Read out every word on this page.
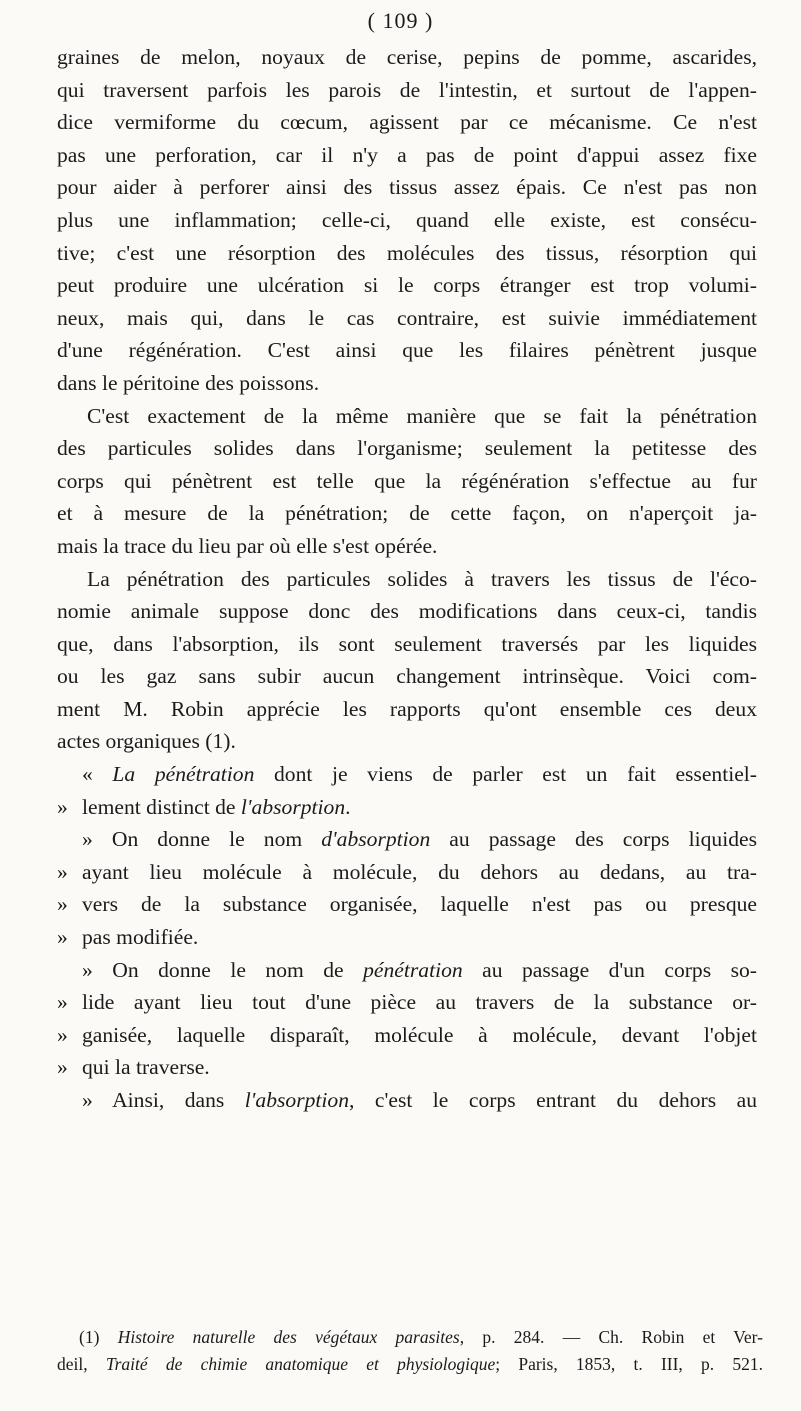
( 109 )
graines de melon, noyaux de cerise, pepins de pomme, ascarides,
qui traversent parfois les parois de l'intestin, et surtout de l'appen-
dice vermiforme du cœcum, agissent par ce mécanisme. Ce n'est
pas une perforation, car il n'y a pas de point d'appui assez fixe
pour aider à perforer ainsi des tissus assez épais. Ce n'est pas non
plus une inflammation; celle-ci, quand elle existe, est consécu-
tive; c'est une résorption des molécules des tissus, résorption qui
peut produire une ulcération si le corps étranger est trop volumi-
neux, mais qui, dans le cas contraire, est suivie immédiatement
d'une régénération. C'est ainsi que les filaires pénètrent jusque
dans le péritoine des poissons.
C'est exactement de la même manière que se fait la pénétration
des particules solides dans l'organisme; seulement la petitesse des
corps qui pénètrent est telle que la régénération s'effectue au fur
et à mesure de la pénétration; de cette façon, on n'aperçoit ja-
mais la trace du lieu par où elle s'est opérée.
La pénétration des particules solides à travers les tissus de l'éco-
nomie animale suppose donc des modifications dans ceux-ci, tandis
que, dans l'absorption, ils sont seulement traversés par les liquides
ou les gaz sans subir aucun changement intrinsèque. Voici com-
ment M. Robin apprécie les rapports qu'ont ensemble ces deux
actes organiques (1).
« La pénétration dont je viens de parler est un fait essentiel-
» lement distinct de l'absorption.
» On donne le nom d'absorption au passage des corps liquides
» ayant lieu molécule à molécule, du dehors au dedans, au tra-
» vers de la substance organisée, laquelle n'est pas ou presque
» pas modifiée.
» On donne le nom de pénétration au passage d'un corps so-
» lide ayant lieu tout d'une pièce au travers de la substance or-
» ganisée, laquelle disparaît, molécule à molécule, devant l'objet
» qui la traverse.
» Ainsi, dans l'absorption, c'est le corps entrant du dehors au
(1) Histoire naturelle des végétaux parasites, p. 284. — Ch. Robin et Ver-
deil, Traité de chimie anatomique et physiologique; Paris, 1853, t. III, p. 521.
